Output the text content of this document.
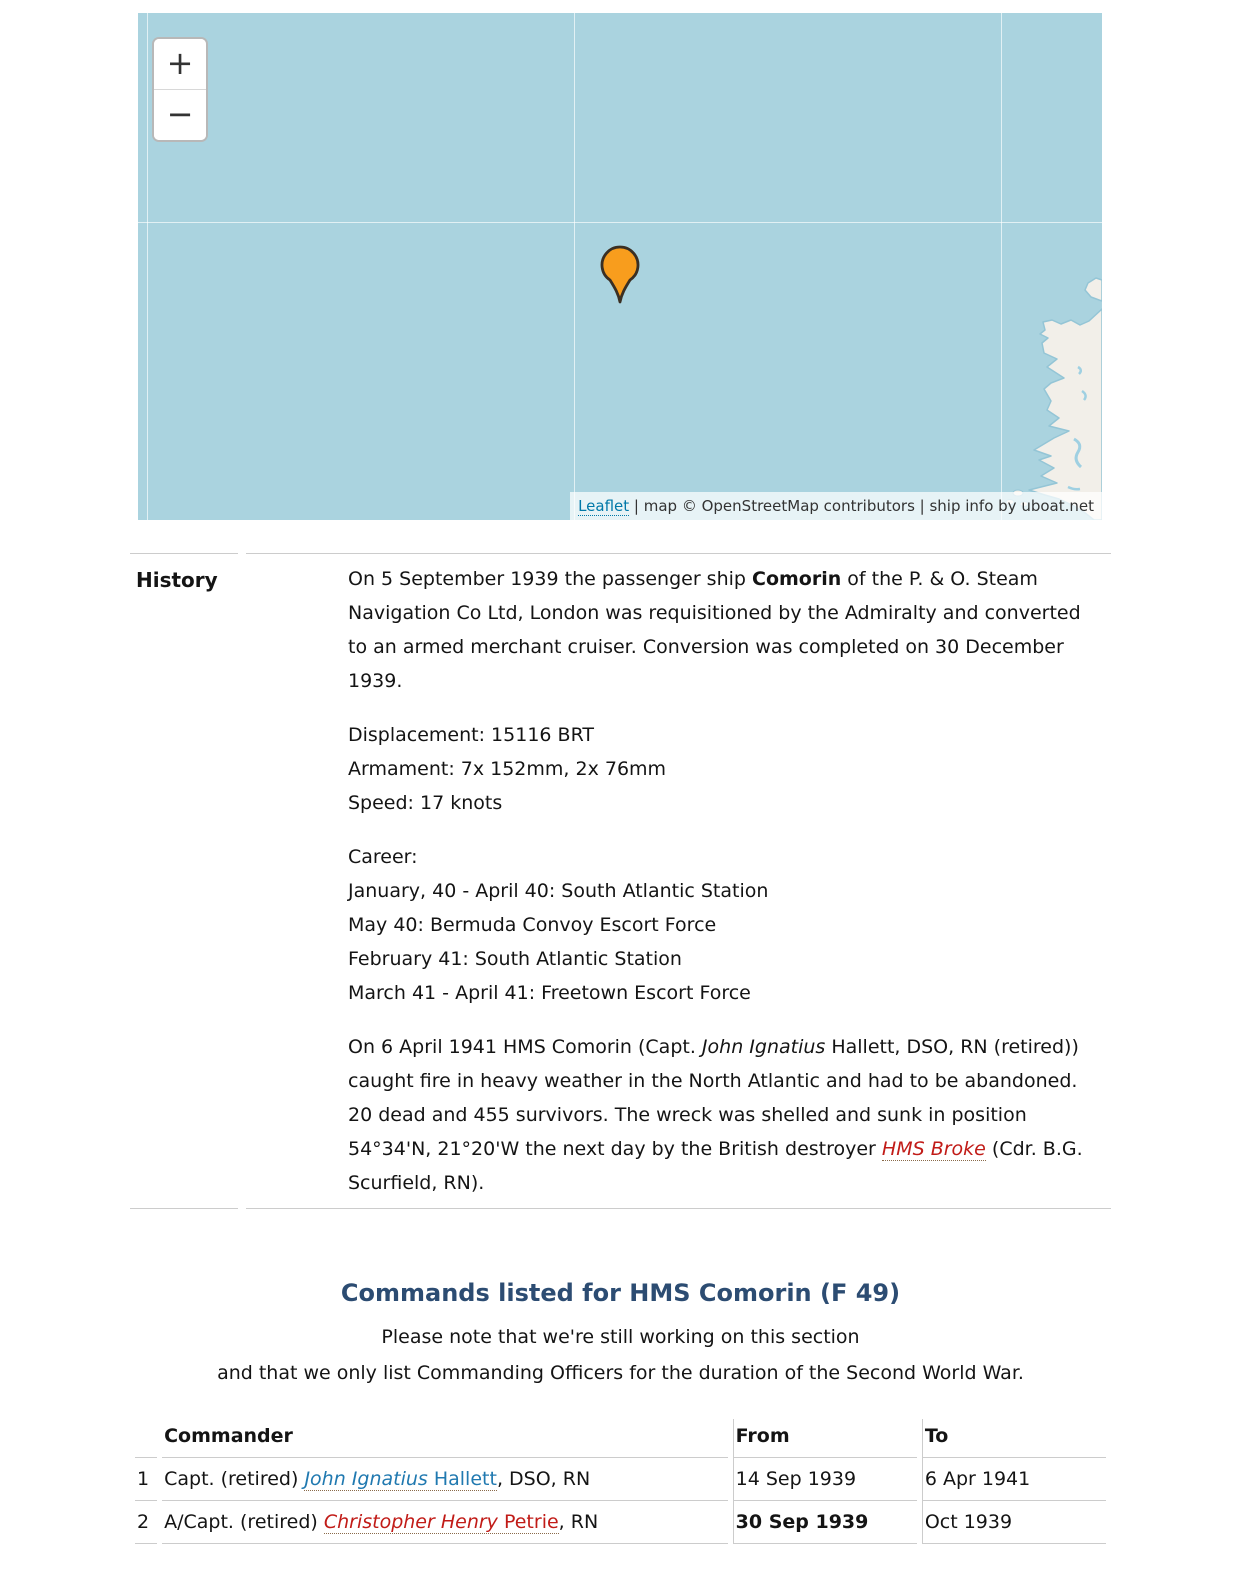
+
−
Leaflet | map © OpenStreetMap contributors | ship info by uboat.net
History	On 5 September 1939 the passenger ship Comorin of the P. & O. Steam Navigation Co Ltd, London was requisitioned by the Admiralty and converted to an armed merchant cruiser. Conversion was completed on 30 December 1939.
Displacement: 15116 BRT
Armament: 7x 152mm, 2x 76mm
Speed: 17 knots
Career:
January, 40 - April 40: South Atlantic Station
May 40: Bermuda Convoy Escort Force
February 41: South Atlantic Station
March 41 - April 41: Freetown Escort Force
On 6 April 1941 HMS Comorin (Capt. John Ignatius Hallett, DSO, RN (retired)) caught fire in heavy weather in the North Atlantic and had to be abandoned. 20 dead and 455 survivors. The wreck was shelled and sunk in position 54°34'N, 21°20'W the next day by the British destroyer HMS Broke (Cdr. B.G. Scurfield, RN).
Commands listed for HMS Comorin (F 49)
Please note that we're still working on this section
and that we only list Commanding Officers for the duration of the Second World War.
	Commander	From	To
1	Capt. (retired) John Ignatius Hallett, DSO, RN	14 Sep 1939	6 Apr 1941
2	A/Capt. (retired) Christopher Henry Petrie, RN	30 Sep 1939	Oct 1939
